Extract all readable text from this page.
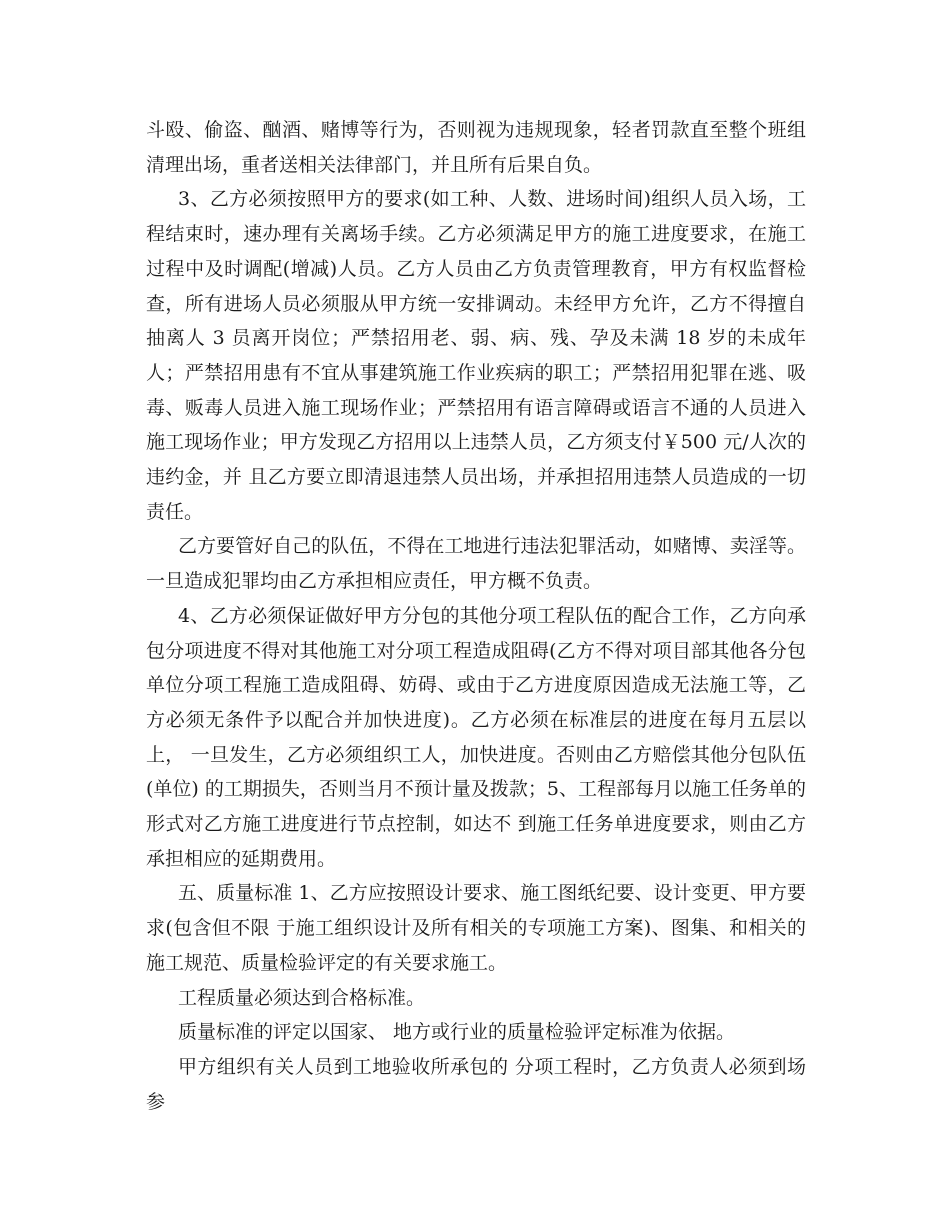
斗殴、偷盗、酗酒、赌博等行为，否则视为违规现象，轻者罚款直至整个班组清理出场，重者送相关法律部门，并且所有后果自负。

3、乙方必须按照甲方的要求(如工种、人数、进场时间)组织人员入场，工程结束时，速办理有关离场手续。乙方必须满足甲方的施工进度要求，在施工过程中及时调配(增减)人员。乙方人员由乙方负责管理教育，甲方有权监督检查，所有进场人员必须服从甲方统一安排调动。未经甲方允许，乙方不得擅自抽离人 3 员离开岗位；严禁招用老、弱、病、残、孕及未满 18 岁的未成年人；严禁招用患有不宜从事建筑施工作业疾病的职工；严禁招用犯罪在逃、吸毒、贩毒人员进入施工现场作业；严禁招用有语言障碍或语言不通的人员进入施工现场作业；甲方发现乙方招用以上违禁人员，乙方须支付￥500 元/人次的违约金，并 且乙方要立即清退违禁人员出场，并承担招用违禁人员造成的一切责任。

乙方要管好自己的队伍，不得在工地进行违法犯罪活动，如赌博、卖淫等。一旦造成犯罪均由乙方承担相应责任，甲方概不负责。

4、乙方必须保证做好甲方分包的其他分项工程队伍的配合工作，乙方向承包分项进度不得对其他施工对分项工程造成阻碍(乙方不得对项目部其他各分包 单位分项工程施工造成阻碍、妨碍、或由于乙方进度原因造成无法施工等，乙方必须无条件予以配合并加快进度)。乙方必须在标准层的进度在每月五层以上， 一旦发生，乙方必须组织工人，加快进度。否则由乙方赔偿其他分包队伍(单位) 的工期损失，否则当月不预计量及拨款；5、工程部每月以施工任务单的形式对乙方施工进度进行节点控制，如达不 到施工任务单进度要求，则由乙方承担相应的延期费用。

五、质量标准 1、乙方应按照设计要求、施工图纸纪要、设计变更、甲方要求(包含但不限 于施工组织设计及所有相关的专项施工方案)、图集、和相关的施工规范、质量检验评定的有关要求施工。

工程质量必须达到合格标准。

质量标准的评定以国家、 地方或行业的质量检验评定标准为依据。

甲方组织有关人员到工地验收所承包的 分项工程时，乙方负责人必须到场参
